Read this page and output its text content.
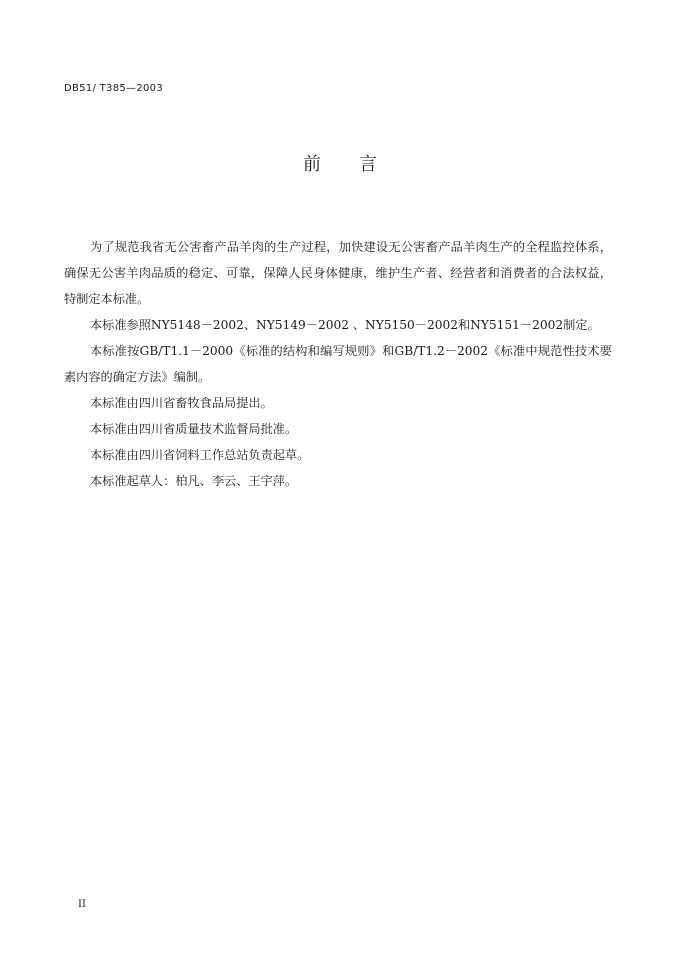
DB51/ T385—2003
前言

为了规范我省无公害畜产品羊肉的生产过程，加快建设无公害畜产品羊肉生产的全程监控体系，确保无公害羊肉品质的稳定、可靠，保障人民身体健康，维护生产者、经营者和消费者的合法权益，特制定本标准。

本标准参照NY5148－2002、NY5149－2002 、NY5150－2002和NY5151－2002制定。

本标准按GB/T1.1－2000《标准的结构和编写规则》和GB/T1.2－2002《标准中规范性技术要素内容的确定方法》编制。

本标准由四川省畜牧食品局提出。

本标准由四川省质量技术监督局批准。

本标准由四川省饲料工作总站负责起草。

本标准起草人：柏凡、李云、王宇萍。

II
